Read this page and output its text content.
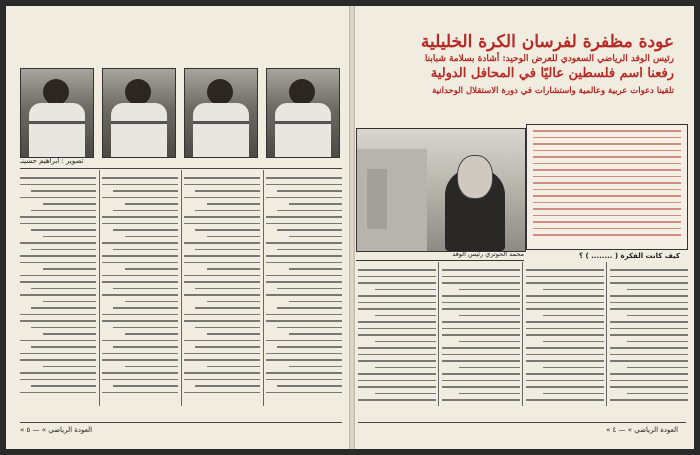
تصوير : ابراهيم حسينـ
« العودة الرياضي » — ٥
عودة مظفرة لفرسان الكرة الخليلية
رئيس الوفد الرياضي السعودي للعرض الوحيد: أشادة بسلامة شبابنا
رفعنا اسم فلسطين عاليًا في المحافل الدولية
تلقينا دعوات عربية وعالمية واستشارات في دورة الاستقلال الوحدانية
محمد الحوتري رئيس الوفد	كيف كانت الفكرة ( ........ ) ؟
« العودة الرياضي » — ٤
